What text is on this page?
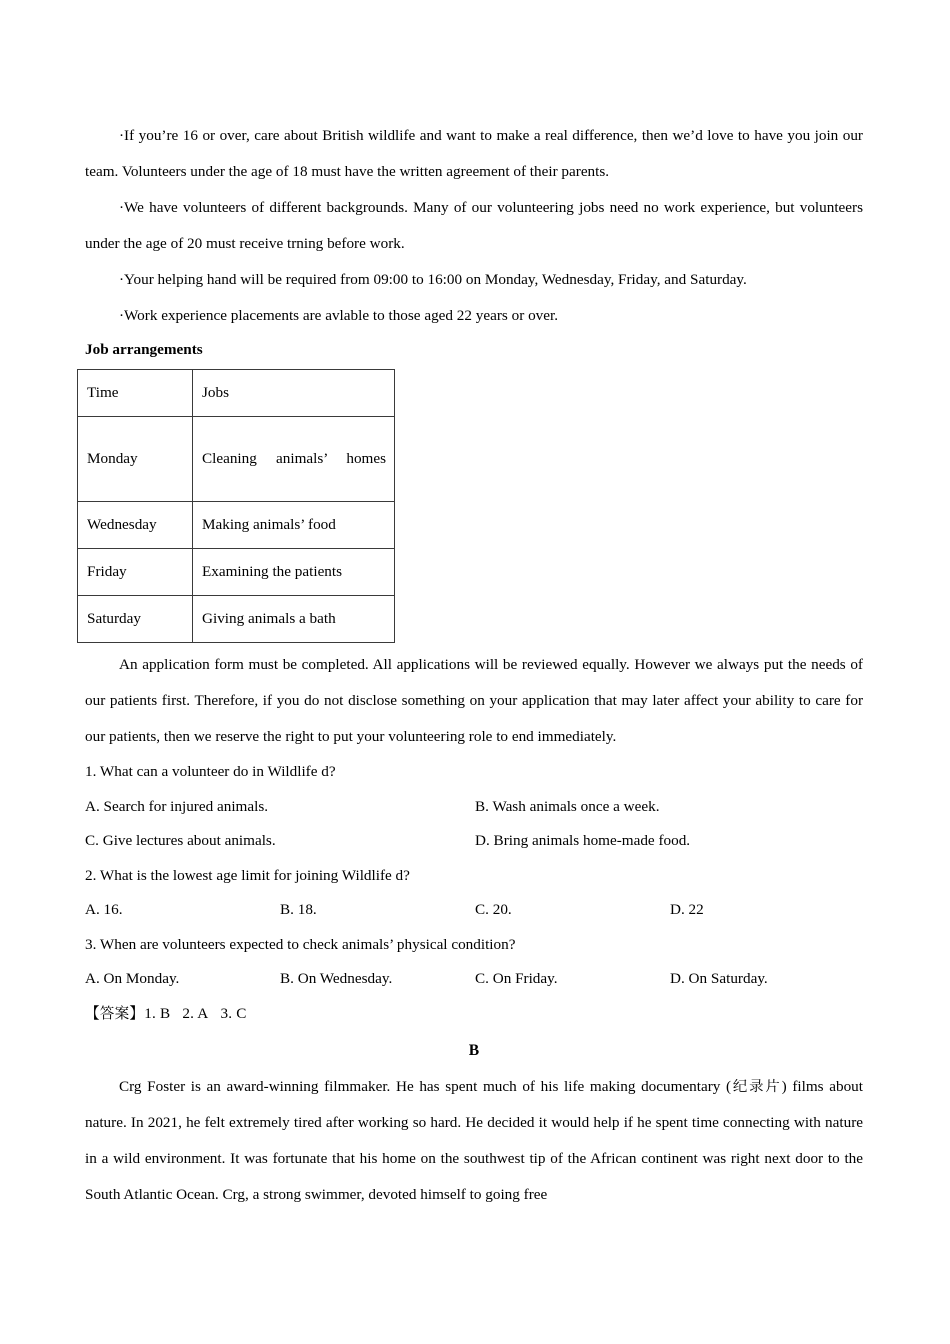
·If you’re 16 or over, care about British wildlife and want to make a real difference, then we’d love to have you join our team. Volunteers under the age of 18 must have the written agreement of their parents.

·We have volunteers of different backgrounds. Many of our volunteering jobs need no work experience, but volunteers under the age of 20 must receive trning before work.

·Your helping hand will be required from 09:00 to 16:00 on Monday, Wednesday, Friday, and Saturday.

·Work experience placements are avlable to those aged 22 years or over.

Job arrangements

Time	Jobs
Monday	Cleaning animals’ homes
Wednesday	Making animals’ food
Friday	Examining the patients
Saturday	Giving animals a bath

An application form must be completed. All applications will be reviewed equally. However we always put the needs of our patients first. Therefore, if you do not disclose something on your application that may later affect your ability to care for our patients, then we reserve the right to put your volunteering role to end immediately.

1. What can a volunteer do in Wildlife d?

A. Search for injured animals.	B. Wash animals once a week.
C. Give lectures about animals.	D. Bring animals home-made food.

2. What is the lowest age limit for joining Wildlife d?

A. 16.	B. 18.	C. 20.	D. 22

3. When are volunteers expected to check animals’ physical condition?

A. On Monday.	B. On Wednesday.	C. On Friday.	D. On Saturday.

【答案】1. B 2. A 3. C

B

Crg Foster is an award-winning filmmaker. He has spent much of his life making documentary (纪录片) films about nature. In 2021, he felt extremely tired after working so hard. He decided it would help if he spent time connecting with nature in a wild environment. It was fortunate that his home on the southwest tip of the African continent was right next door to the South Atlantic Ocean. Crg, a strong swimmer, devoted himself to going free
